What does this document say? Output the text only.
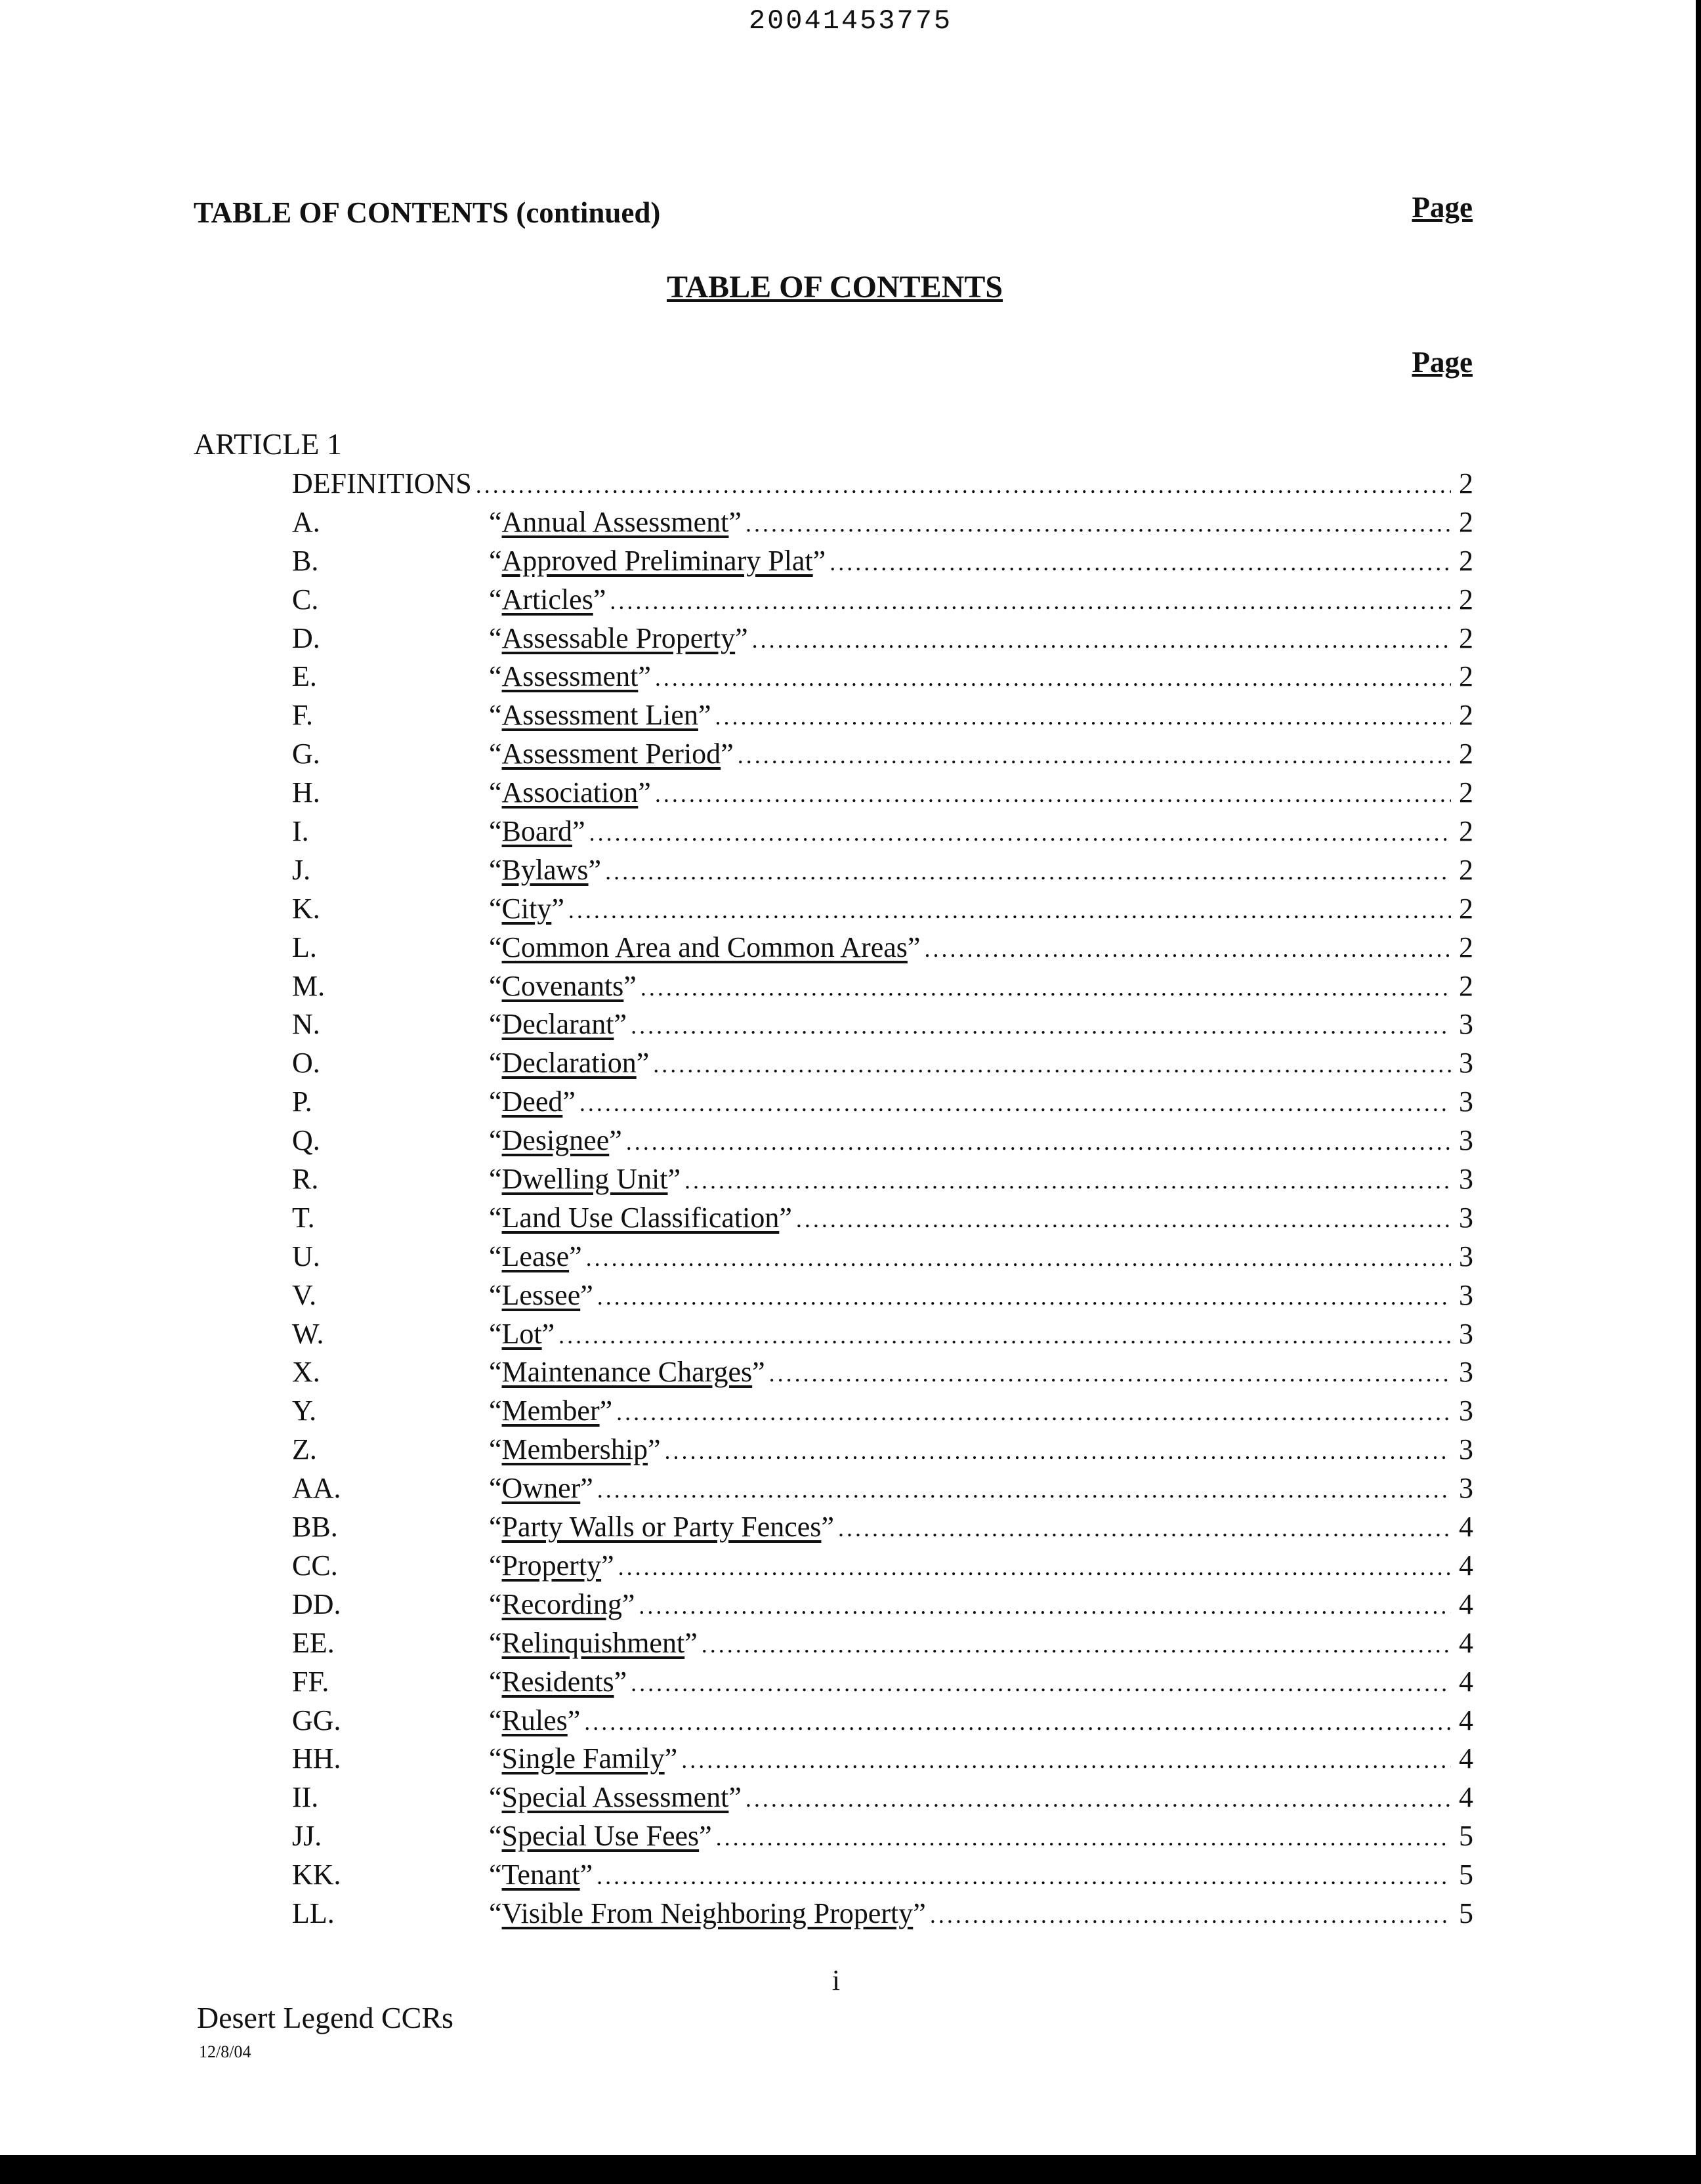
20041453775
TABLE OF CONTENTS (continued)	Page
TABLE OF CONTENTS
Page
ARTICLE 1
DEFINITIONS .....	2
A.	“Annual Assessment” .....	2
B.	“Approved Preliminary Plat” .....	2
C.	“Articles” .....	2
D.	“Assessable Property” .....	2
E.	“Assessment” .....	2
F.	“Assessment Lien” .....	2
G.	“Assessment Period” .....	2
H.	“Association” .....	2
I.	“Board” .....	2
J.	“Bylaws” .....	2
K.	“City” .....	2
L.	“Common Area and Common Areas” .....	2
M.	“Covenants” .....	2
N.	“Declarant” .....	3
O.	“Declaration” .....	3
P.	“Deed” .....	3
Q.	“Designee” .....	3
R.	“Dwelling Unit” .....	3
T.	“Land Use Classification” .....	3
U.	“Lease” .....	3
V.	“Lessee” .....	3
W.	“Lot” .....	3
X.	“Maintenance Charges” .....	3
Y.	“Member” .....	3
Z.	“Membership” .....	3
AA.	“Owner” .....	3
BB.	“Party Walls or Party Fences” .....	4
CC.	“Property” .....	4
DD.	“Recording” .....	4
EE.	“Relinquishment” .....	4
FF.	“Residents” .....	4
GG.	“Rules” .....	4
HH.	“Single Family” .....	4
II.	“Special Assessment” .....	4
JJ.	“Special Use Fees” .....	5
KK.	“Tenant” .....	5
LL.	“Visible From Neighboring Property” .....	5
i
Desert Legend CCRs
12/8/04
